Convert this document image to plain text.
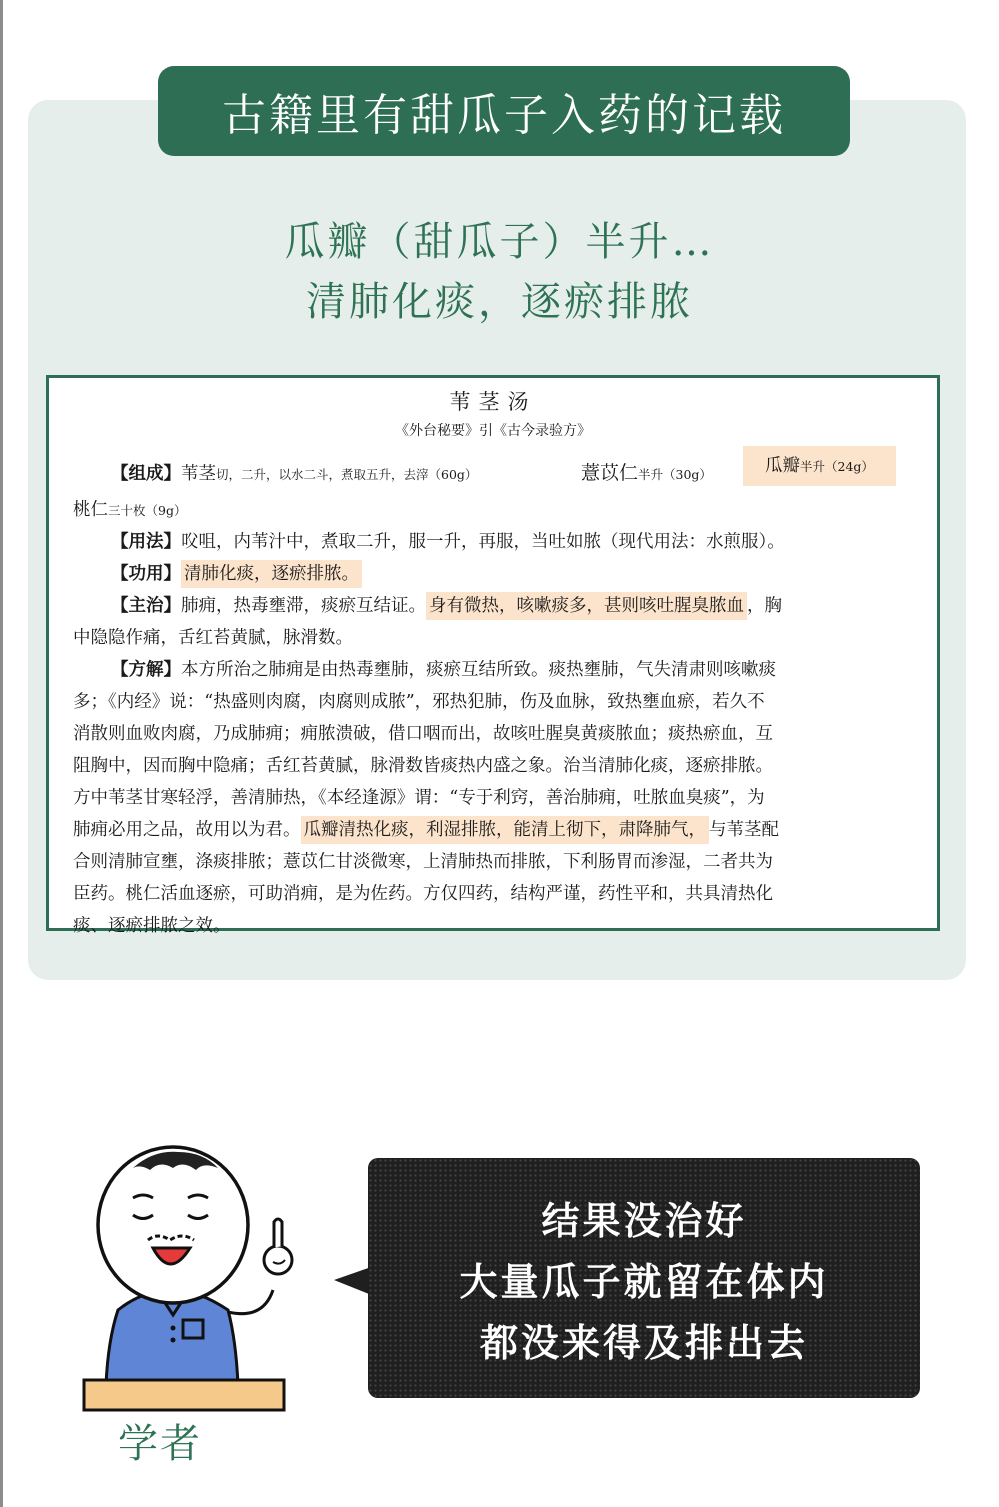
古籍里有甜瓜子入药的记载
瓜瓣（甜瓜子）半升…
清肺化痰，逐瘀排脓
苇茎汤
《外台秘要》引《古今录验方》
【组成】苇茎切，二升，以水二斗，煮取五升，去滓（60g）	薏苡仁半升（30g）	瓜瓣半升（24g）
桃仁三十枚（9g）
【用法】㕮咀，内苇汁中，煮取二升，服一升，再服，当吐如脓（现代用法：水煎服）。
【功用】 清肺化痰，逐瘀排脓。
【主治】肺痈，热毒壅滞，痰瘀互结证。 身有微热，咳嗽痰多，甚则咳吐腥臭脓血 ，胸
中隐隐作痛，舌红苔黄腻，脉滑数。
【方解】本方所治之肺痈是由热毒壅肺，痰瘀互结所致。痰热壅肺，气失清肃则咳嗽痰
多；《内经》说：“热盛则肉腐，肉腐则成脓”，邪热犯肺，伤及血脉，致热壅血瘀，若久不
消散则血败肉腐，乃成肺痈；痈脓溃破，借口咽而出，故咳吐腥臭黄痰脓血；痰热瘀血，互
阻胸中，因而胸中隐痛；舌红苔黄腻，脉滑数皆痰热内盛之象。治当清肺化痰，逐瘀排脓。
方中苇茎甘寒轻浮，善清肺热，《本经逢源》谓：“专于利窍，善治肺痈，吐脓血臭痰”，为
肺痈必用之品，故用以为君。 瓜瓣清热化痰，利湿排脓，能清上彻下，肃降肺气， 与苇茎配
合则清肺宣壅，涤痰排脓；薏苡仁甘淡微寒，上清肺热而排脓，下利肠胃而渗湿，二者共为
臣药。桃仁活血逐瘀，可助消痈，是为佐药。方仅四药，结构严谨，药性平和，共具清热化
痰、逐瘀排脓之效。
学者
结果没治好
大量瓜子就留在体内
都没来得及排出去
